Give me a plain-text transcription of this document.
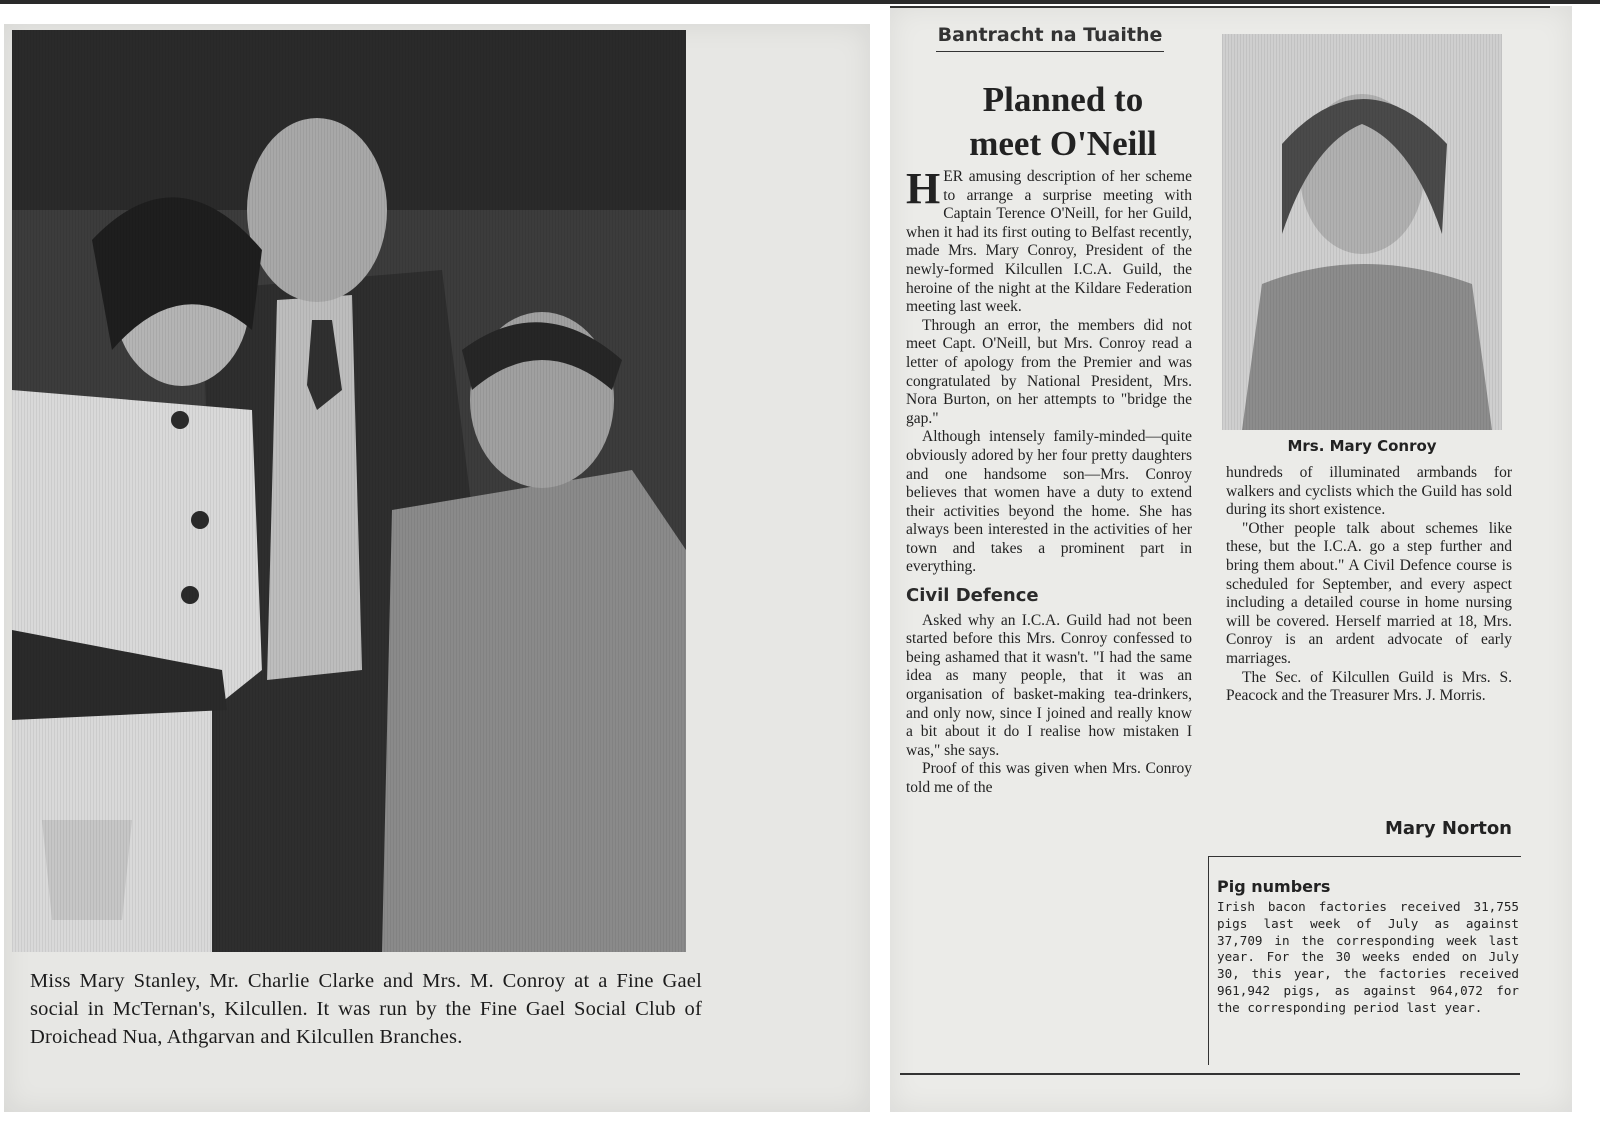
Miss Mary Stanley, Mr. Charlie Clarke and Mrs. M. Conroy at a Fine Gael social in McTernan's, Kilcullen. It was run by the Fine Gael Social Club of Droichead Nua, Athgarvan and Kilcullen Branches.
Bantracht na Tuaithe
Planned to
meet O'Neill

HER amusing description of her scheme to arrange a surprise meeting with Captain Terence O'Neill, for her Guild, when it had its first outing to Belfast recently, made Mrs. Mary Conroy, President of the newly-formed Kilcullen I.C.A. Guild, the heroine of the night at the Kildare Federation meeting last week.

Through an error, the members did not meet Capt. O'Neill, but Mrs. Conroy read a letter of apology from the Premier and was congratulated by National President, Mrs. Nora Burton, on her attempts to "bridge the gap."

Although intensely family-minded—quite obviously adored by her four pretty daughters and one handsome son—Mrs. Conroy believes that women have a duty to extend their activities beyond the home. She has always been interested in the activities of her town and takes a prominent part in everything.

Civil Defence

Asked why an I.C.A. Guild had not been started before this Mrs. Conroy confessed to being ashamed that it wasn't. "I had the same idea as many people, that it was an organisation of basket-making tea-drinkers, and only now, since I joined and really know a bit about it do I realise how mistaken I was," she says.

Proof of this was given when Mrs. Conroy told me of the

Mrs. Mary Conroy

hundreds of illuminated armbands for walkers and cyclists which the Guild has sold during its short existence.

"Other people talk about schemes like these, but the I.C.A. go a step further and bring them about." A Civil Defence course is scheduled for September, and every aspect including a detailed course in home nursing will be covered. Herself married at 18, Mrs. Conroy is an ardent advocate of early marriages.

The Sec. of Kilcullen Guild is Mrs. S. Peacock and the Treasurer Mrs. J. Morris.

Mary Norton
Pig numbers
Irish bacon factories received 31,755 pigs last week of July as against 37,709 in the corresponding week last year. For the 30 weeks ended on July 30, this year, the factories received 961,942 pigs, as against 964,072 for the corresponding period last year.
